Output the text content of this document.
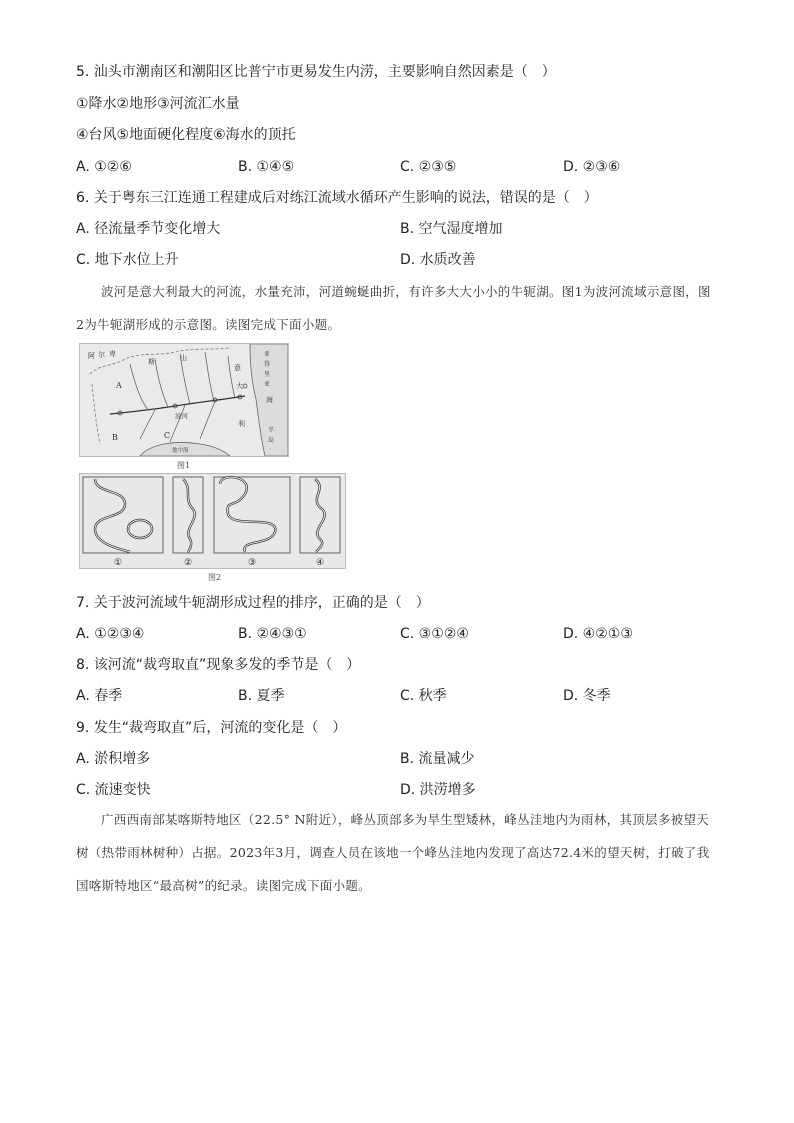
5. 汕头市潮南区和潮阳区比普宁市更易发生内涝，主要影响自然因素是（　）
①降水②地形③河流汇水量
④台风⑤地面硬化程度⑥海水的顶托
A. ①②⑥	B. ①④⑤	C. ②③⑤	D. ②③⑥
6. 关于粤东三江连通工程建成后对练江流域水循环产生影响的说法，错误的是（　）
A. 径流量季节变化增大	B. 空气湿度增加
C. 地下水位上升	D. 水质改善
波河是意大利最大的河流，水量充沛，河道蜿蜒曲折，有许多大大小小的牛轭湖。图1为波河流域示意图，图2为牛轭湖形成的示意图。读图完成下面小题。
阿 尔 卑
斯	山
A
B	C
波河
意
大
利
亚
得
里
亚
海
地中海
半
岛
图1
①	②	③	④
图2
7. 关于波河流域牛轭湖形成过程的排序，正确的是（　）
A. ①②③④	B. ②④③①	C. ③①②④	D. ④②①③
8. 该河流“裁弯取直”现象多发的季节是（　）
A. 春季	B. 夏季	C. 秋季	D. 冬季
9. 发生“裁弯取直”后，河流的变化是（　）
A. 淤积增多	B. 流量减少
C. 流速变快	D. 洪涝增多
广西西南部某喀斯特地区（22.5° N附近），峰丛顶部多为旱生型矮林，峰丛洼地内为雨林，其顶层多被望天树（热带雨林树种）占据。2023年3月，调查人员在该地一个峰丛洼地内发现了高达72.4米的望天树，打破了我国喀斯特地区“最高树”的纪录。读图完成下面小题。
